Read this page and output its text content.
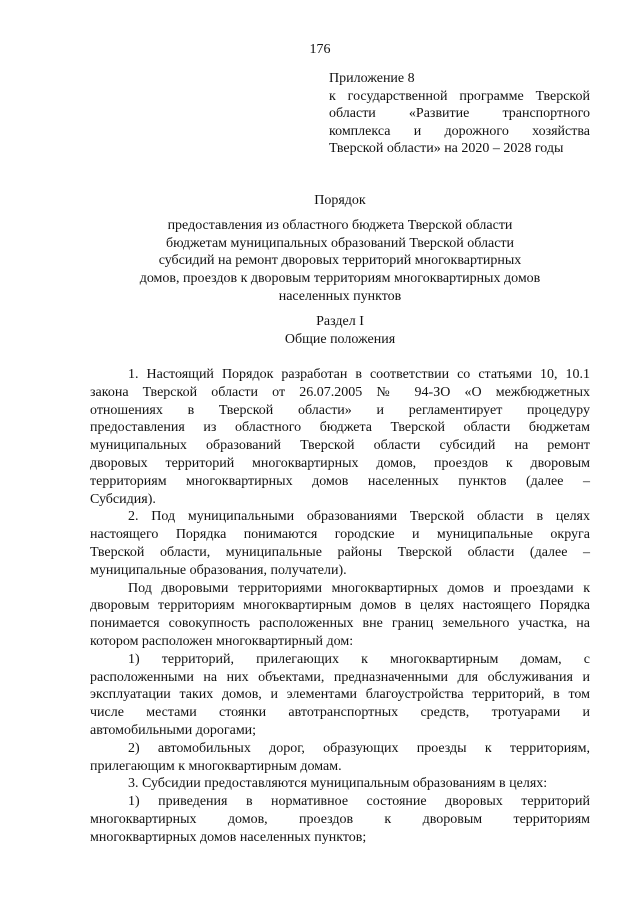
176
Приложение 8
к государственной программе Тверской
области «Развитие транспортного
комплекса и дорожного хозяйства
Тверской области» на 2020 – 2028 годы
Порядок
предоставления из областного бюджета Тверской области
бюджетам муниципальных образований Тверской области
субсидий на ремонт дворовых территорий многоквартирных
домов, проездов к дворовым территориям многоквартирных домов
населенных пунктов
Раздел I
Общие положения
1. Настоящий Порядок разработан в соответствии со статьями 10, 10.1
закона Тверской области от 26.07.2005 № 94-ЗО «О межбюджетных
отношениях в Тверской области» и регламентирует процедуру
предоставления из областного бюджета Тверской области бюджетам
муниципальных образований Тверской области субсидий на ремонт
дворовых территорий многоквартирных домов, проездов к дворовым
территориям многоквартирных домов населенных пунктов (далее –
Субсидия).
2. Под муниципальными образованиями Тверской области в целях
настоящего Порядка понимаются городские и муниципальные округа
Тверской области, муниципальные районы Тверской области (далее –
муниципальные образования, получатели).
Под дворовыми территориями многоквартирных домов и проездами к
дворовым территориям многоквартирным домов в целях настоящего Порядка
понимается совокупность расположенных вне границ земельного участка, на
котором расположен многоквартирный дом:
1) территорий, прилегающих к многоквартирным домам, с
расположенными на них объектами, предназначенными для обслуживания и
эксплуатации таких домов, и элементами благоустройства территорий, в том
числе местами стоянки автотранспортных средств, тротуарами и
автомобильными дорогами;
2) автомобильных дорог, образующих проезды к территориям,
прилегающим к многоквартирным домам.
3. Субсидии предоставляются муниципальным образованиям в целях:
1) приведения в нормативное состояние дворовых территорий
многоквартирных домов, проездов к дворовым территориям
многоквартирных домов населенных пунктов;
